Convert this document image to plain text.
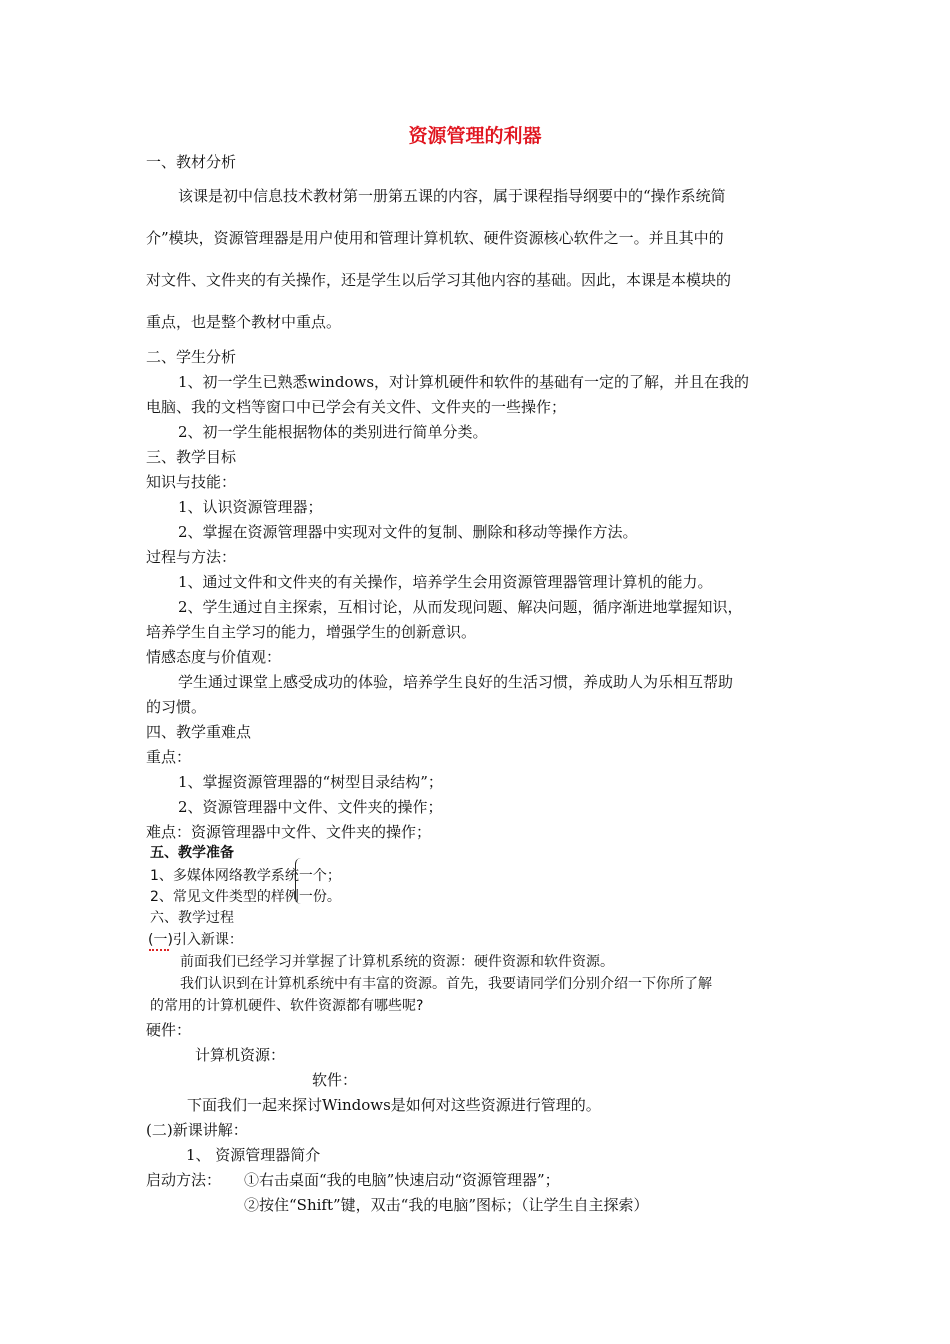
资源管理的利器
一、教材分析
该课是初中信息技术教材第一册第五课的内容，属于课程指导纲要中的“操作系统简
介”模块，资源管理器是用户使用和管理计算机软、硬件资源核心软件之一。并且其中的
对文件、文件夹的有关操作，还是学生以后学习其他内容的基础。因此，本课是本模块的
重点，也是整个教材中重点。
二、学生分析
1、初一学生已熟悉windows，对计算机硬件和软件的基础有一定的了解，并且在我的
电脑、我的文档等窗口中已学会有关文件、文件夹的一些操作；
2、初一学生能根据物体的类别进行简单分类。
三、教学目标
知识与技能：
1、认识资源管理器；
2、掌握在资源管理器中实现对文件的复制、删除和移动等操作方法。
过程与方法：
1、通过文件和文件夹的有关操作，培养学生会用资源管理器管理计算机的能力。
2、学生通过自主探索，互相讨论，从而发现问题、解决问题，循序渐进地掌握知识，
培养学生自主学习的能力，增强学生的创新意识。
情感态度与价值观：
学生通过课堂上感受成功的体验，培养学生良好的生活习惯，养成助人为乐相互帮助
的习惯。
四、教学重难点
重点：
1、掌握资源管理器的“树型目录结构”；
2、资源管理器中文件、文件夹的操作；
难点：资源管理器中文件、文件夹的操作；
五、教学准备
1、多媒体网络教学系统一个；
2、常见文件类型的样例一份。
六、教学过程
(一)引入新课：
前面我们已经学习并掌握了计算机系统的资源：硬件资源和软件资源。
我们认识到在计算机系统中有丰富的资源。首先，我要请同学们分别介绍一下你所了解
的常用的计算机硬件、软件资源都有哪些呢?
硬件：
计算机资源：
软件：
下面我们一起来探讨Windows是如何对这些资源进行管理的。
(二)新课讲解：
1、 资源管理器简介
启动方法： ①右击桌面“我的电脑”快速启动“资源管理器”；
②按住“Shift”键，双击“我的电脑”图标；（让学生自主探索）
